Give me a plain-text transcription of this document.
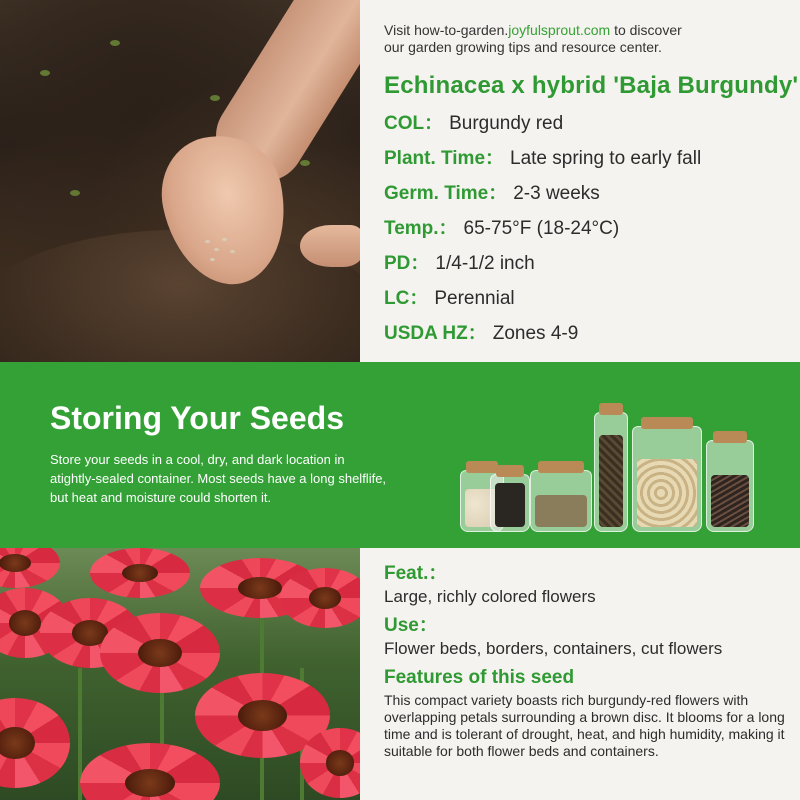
Visit how-to-garden.joyfulsprout.com to discover
our garden growing tips and resource center.
Echinacea x hybrid 'Baja Burgundy'
COL： Burgundy red
Plant. Time： Late spring to early fall
Germ. Time： 2-3 weeks
Temp.： 65-75°F (18-24°C)
PD： 1/4-1/2 inch
LC： Perennial
USDA HZ： Zones 4-9
Storing Your Seeds
Store your seeds in a cool, dry, and dark location in atightly-sealed container. Most seeds have a long shelflife, but heat and moisture could shorten it.
Feat.：
Large, richly colored flowers
Use：
Flower beds, borders, containers, cut flowers
Features of this seed
This compact variety boasts rich burgundy-red flowers with overlapping petals surrounding a brown disc. It blooms for a long time and is tolerant of drought, heat, and high humidity, making it suitable for both flower beds and containers.
